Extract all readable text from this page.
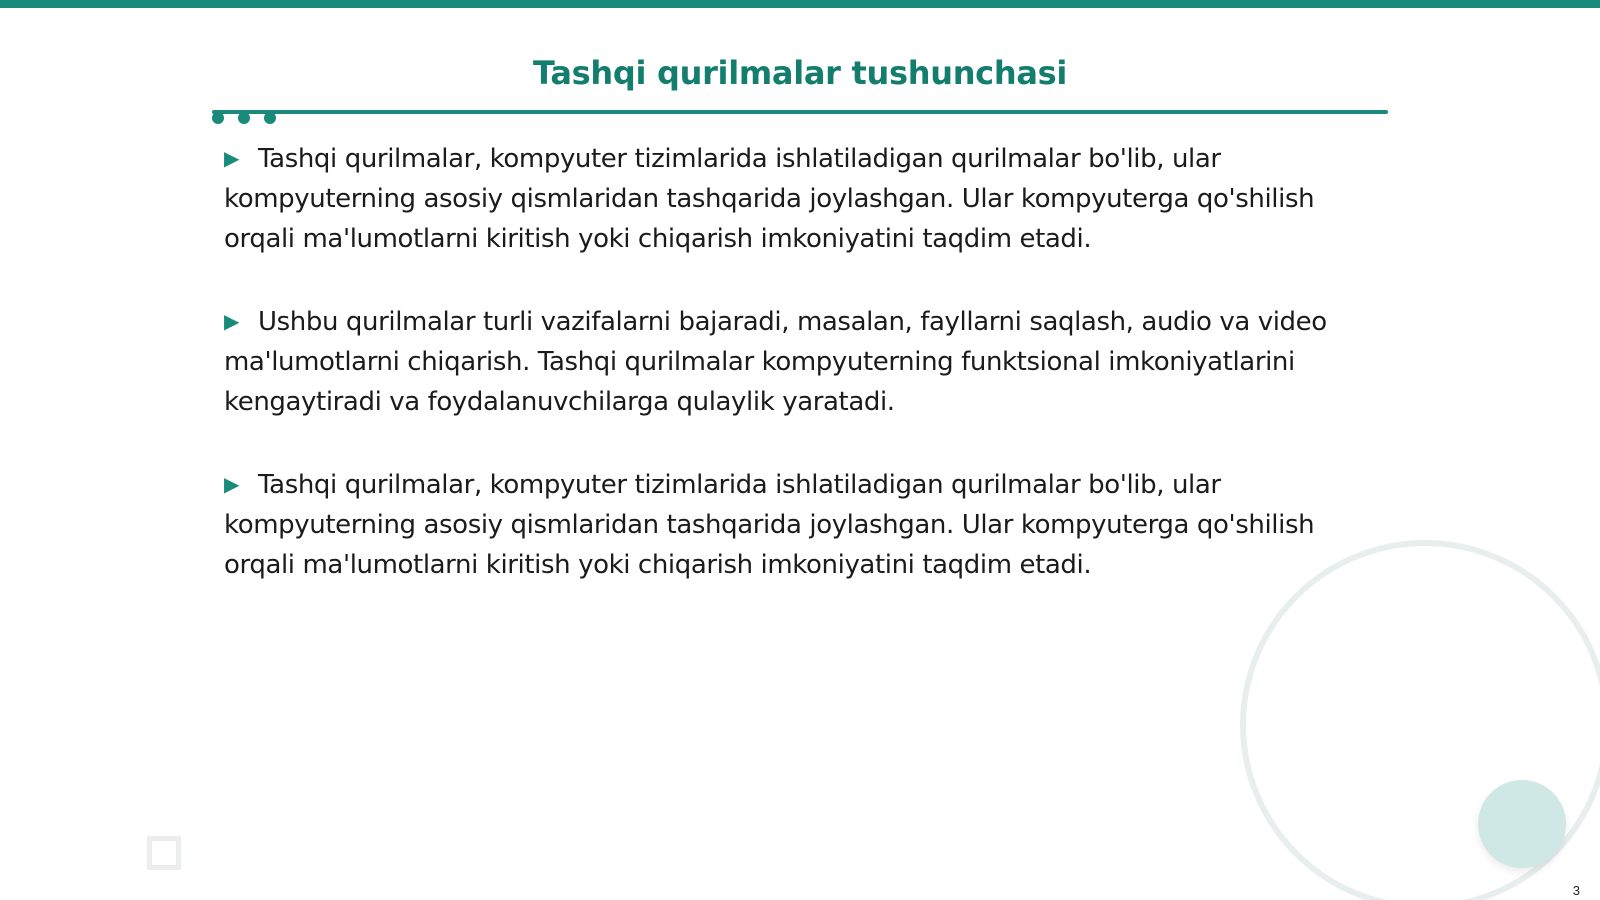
Tashqi qurilmalar tushunchasi

▶ Tashqi qurilmalar, kompyuter tizimlarida ishlatiladigan qurilmalar bo'lib, ular kompyuterning asosiy qismlaridan tashqarida joylashgan. Ular kompyuterga qo'shilish orqali ma'lumotlarni kiritish yoki chiqarish imkoniyatini taqdim etadi.

▶ Ushbu qurilmalar turli vazifalarni bajaradi, masalan, fayllarni saqlash, audio va video ma'lumotlarni chiqarish. Tashqi qurilmalar kompyuterning funktsional imkoniyatlarini kengaytiradi va foydalanuvchilarga qulaylik yaratadi.

▶ Tashqi qurilmalar, kompyuter tizimlarida ishlatiladigan qurilmalar bo'lib, ular kompyuterning asosiy qismlaridan tashqarida joylashgan. Ular kompyuterga qo'shilish orqali ma'lumotlarni kiritish yoki chiqarish imkoniyatini taqdim etadi.

3
